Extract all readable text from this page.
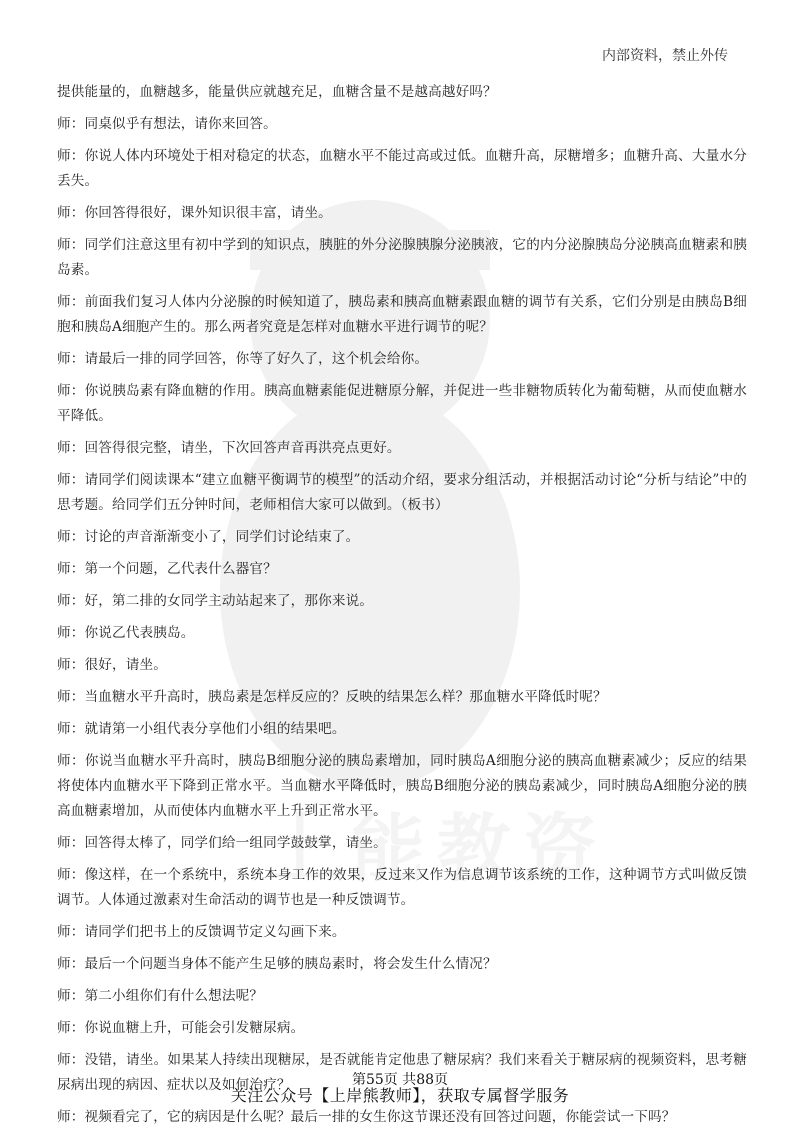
内部资料，禁止外传

提供能量的，血糖越多，能量供应就越充足，血糖含量不是越高越好吗？

师：同桌似乎有想法，请你来回答。

师：你说人体内环境处于相对稳定的状态，血糖水平不能过高或过低。血糖升高，尿糖增多；血糖升高、大量水分丢失。

师：你回答得很好，课外知识很丰富，请坐。

师：同学们注意这里有初中学到的知识点，胰脏的外分泌腺胰腺分泌胰液，它的内分泌腺胰岛分泌胰高血糖素和胰岛素。

师：前面我们复习人体内分泌腺的时候知道了，胰岛素和胰高血糖素跟血糖的调节有关系，它们分别是由胰岛B细胞和胰岛A细胞产生的。那么两者究竟是怎样对血糖水平进行调节的呢？

师：请最后一排的同学回答，你等了好久了，这个机会给你。

师：你说胰岛素有降血糖的作用。胰高血糖素能促进糖原分解，并促进一些非糖物质转化为葡萄糖，从而使血糖水平降低。

师：回答得很完整，请坐，下次回答声音再洪亮点更好。

师：请同学们阅读课本“建立血糖平衡调节的模型”的活动介绍，要求分组活动，并根据活动讨论“分析与结论”中的思考题。给同学们五分钟时间，老师相信大家可以做到。（板书）

师：讨论的声音渐渐变小了，同学们讨论结束了。

师：第一个问题，乙代表什么器官？

师：好，第二排的女同学主动站起来了，那你来说。

师：你说乙代表胰岛。

师：很好，请坐。

师：当血糖水平升高时，胰岛素是怎样反应的？反映的结果怎么样？那血糖水平降低时呢？

师：就请第一小组代表分享他们小组的结果吧。

师：你说当血糖水平升高时，胰岛B细胞分泌的胰岛素增加，同时胰岛A细胞分泌的胰高血糖素减少；反应的结果将使体内血糖水平下降到正常水平。当血糖水平降低时，胰岛B细胞分泌的胰岛素减少，同时胰岛A细胞分泌的胰高血糖素增加，从而使体内血糖水平上升到正常水平。

师：回答得太棒了，同学们给一组同学鼓鼓掌，请坐。

师：像这样，在一个系统中，系统本身工作的效果，反过来又作为信息调节该系统的工作，这种调节方式叫做反馈调节。人体通过激素对生命活动的调节也是一种反馈调节。

师：请同学们把书上的反馈调节定义勾画下来。

师：最后一个问题当身体不能产生足够的胰岛素时，将会发生什么情况？

师：第二小组你们有什么想法呢？

师：你说血糖上升，可能会引发糖尿病。

师：没错，请坐。如果某人持续出现糖尿，是否就能肯定他患了糖尿病？我们来看关于糖尿病的视频资料，思考糖尿病出现的病因、症状以及如何治疗？

师：视频看完了，它的病因是什么呢？最后一排的女生你这节课还没有回答过问题，你能尝试一下吗？

第55页 共88页
关注公众号【上岸熊教师】，获取专属督学服务
